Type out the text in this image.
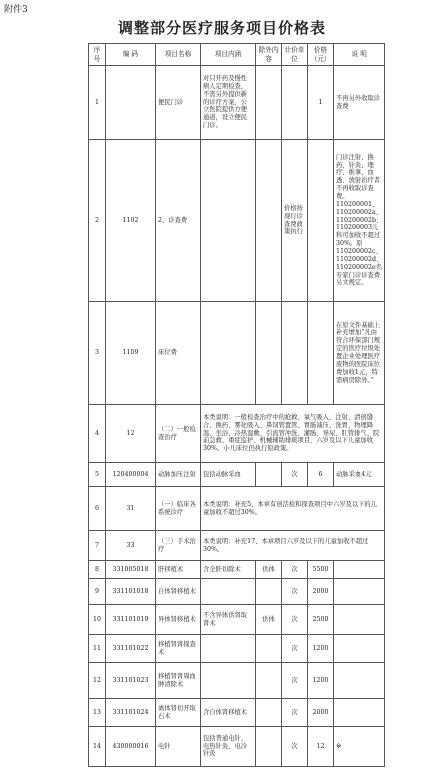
附件3
调整部分医疗服务项目价格表
序号	编 码	项目名称	项目内涵	除外内容	计价单位	价格（元）	说 明
1		便民门诊	对只开药及慢性病人定期检查，不需另外提供新的诊疗方案，公立医院提供方便通道，设立便民门诊。			1	不再另外收取诊查费
2	1102	2、诊查费			价格按现行诊查费政策执行		门诊注射、换药、针灸、理疗、推拿、血透、放射治疗者不再收取诊查费。110200001、110200002a、110200002b、110200003儿科可加收不超过30%。原110200002c、110200002d、110200002e名专家门诊诊查费另文规定。
3	1109	床位费					在原文件基础上补充增加“凡由符合环保部门规定的医疗垃圾处置企业处理医疗废物的医院床位费加收1元，特需病房除外。”
4	12	（二）一般检查治疗	本类说明：一般检查治疗中的抢救、氧气吸入、注射、清创缝合、换药、雾化吸入、鼻饲管置管、胃肠减压、洗胃、物理降温、坐浴、冷热湿敷、引流管冲洗、灌肠、导尿、肛管排气、院前急救、重症监护、机械辅助排痰项目，六岁及以下儿童加收30%。小儿床位仍执行原政策。				
5	120400004	动脉加压注射	包括动脉采血		次	6	动脉采血4元
6	31	（一）临床各系统诊疗	本类说明：补充5、本章有创活检和探查项目中六岁及以下的儿童加收不超过30%。				
7	33	（三）手术治疗	本类说明：补充17、本章项目六岁及以下的儿童加收不超过30%。				
8	331005018	肝移植术	含全肝切除术	供体	次	5500	
9	331101018	自体肾移植术			次	2000	
10	331101019	异体肾移植术	不含异体供肾取肾术	供体	次	2500	
11	331101022	移植肾肾探查术			次	1200	
12	331101023	移植肾肾周血肿清除术			次	1200	
13	331101024	离体肾切开取石术	含自体肾移植术		次	2000	
14	430000016	电针	包括普通电针、电热针灸、电冷针灸		次	12	※
